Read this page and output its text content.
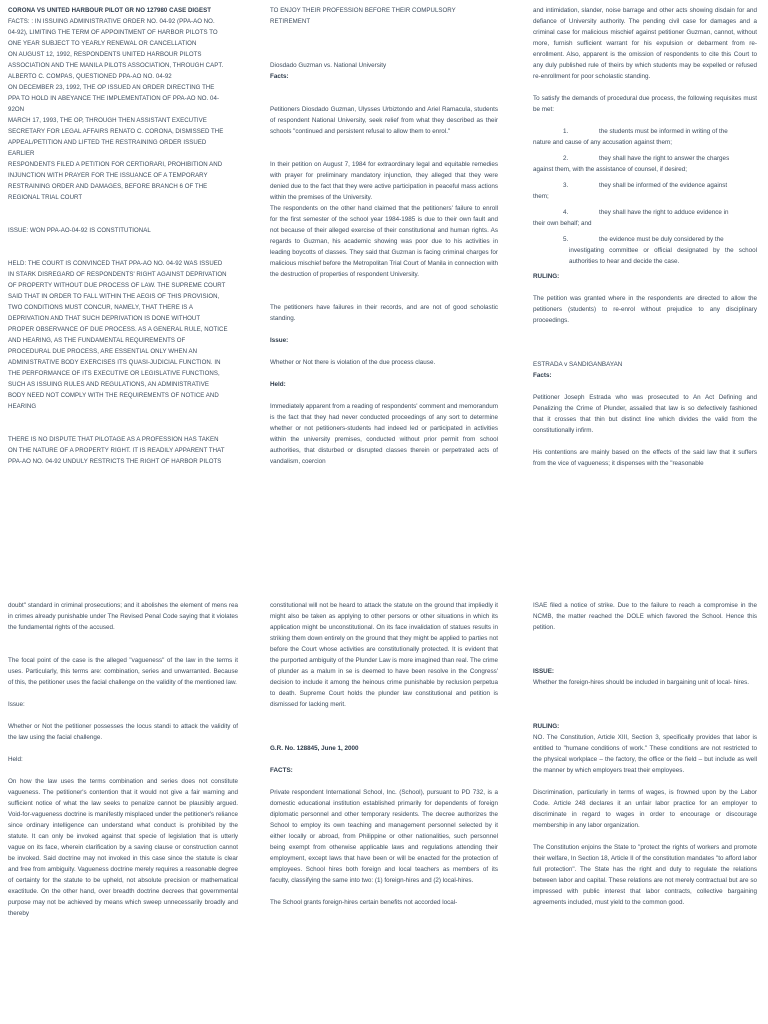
CORONA VS UNITED HARBOUR PILOT GR NO 127980 CASE DIGEST

FACTS: : IN ISSUING ADMINISTRATIVE ORDER NO. 04-92 (PPA-AO NO.

04-92), LIMITING THE TERM OF APPOINTMENT OF HARBOR PILOTS TO

ONE YEAR SUBJECT TO YEARLY RENEWAL OR CANCELLATION

ON AUGUST 12, 1992, RESPONDENTS UNITED HARBOUR PILOTS

ASSOCIATION AND THE MANILA PILOTS ASSOCIATION, THROUGH CAPT.

ALBERTO C. COMPAS, QUESTIONED PPA-AO NO. 04-92

ON DECEMBER 23, 1992, THE OP ISSUED AN ORDER DIRECTING THE

PPA TO HOLD IN ABEYANCE THE IMPLEMENTATION OF PPA-AO NO. 04-

92ON

MARCH 17, 1993, THE OP, THROUGH THEN ASSISTANT EXECUTIVE

SECRETARY FOR LEGAL AFFAIRS RENATO C. CORONA, DISMISSED THE

APPEAL/PETITION AND LIFTED THE RESTRAINING ORDER ISSUED

EARLIER

RESPONDENTS FILED A PETITION FOR CERTIORARI, PROHIBITION AND

INJUNCTION WITH PRAYER FOR THE ISSUANCE OF A TEMPORARY

RESTRAINING ORDER AND DAMAGES, BEFORE BRANCH 6 OF THE

REGIONAL TRIAL COURT

ISSUE: WON PPA-AO-04-92 IS CONSTITUTIONAL

HELD: THE COURT IS CONVINCED THAT PPA-AO NO. 04-92 WAS ISSUED

IN STARK DISREGARD OF RESPONDENTS' RIGHT AGAINST DEPRIVATION

OF PROPERTY WITHOUT DUE PROCESS OF LAW. THE SUPREME COURT

SAID THAT IN ORDER TO FALL WITHIN THE AEGIS OF THIS PROVISION,

TWO CONDITIONS MUST CONCUR, NAMELY, THAT THERE IS A

DEPRIVATION AND THAT SUCH DEPRIVATION IS DONE WITHOUT

PROPER OBSERVANCE OF DUE PROCESS. AS A GENERAL RULE, NOTICE

AND HEARING, AS THE FUNDAMENTAL REQUIREMENTS OF

PROCEDURAL DUE PROCESS, ARE ESSENTIAL ONLY WHEN AN

ADMINISTRATIVE BODY EXERCISES ITS QUASI-JUDICIAL FUNCTION. IN

THE PERFORMANCE OF ITS EXECUTIVE OR LEGISLATIVE FUNCTIONS,

SUCH AS ISSUING RULES AND REGULATIONS, AN ADMINISTRATIVE

BODY NEED NOT COMPLY WITH THE REQUIREMENTS OF NOTICE AND

HEARING

THERE IS NO DISPUTE THAT PILOTAGE AS A PROFESSION HAS TAKEN

ON THE NATURE OF A PROPERTY RIGHT. IT IS READILY APPARENT THAT

PPA-AO NO. 04-92 UNDULY RESTRICTS THE RIGHT OF HARBOR PILOTS

doubt" standard in criminal prosecutions; and it abolishes the element of mens rea in crimes already punishable under The Revised Penal Code saying that it violates the fundamental rights of the accused.

The focal point of the case is the alleged "vagueness" of the law in the terms it uses. Particularly, this terms are: combination, series and unwarranted. Because of this, the petitioner uses the facial challenge on the validity of the mentioned law.

Issue:

Whether or Not the petitioner possesses the locus standi to attack the validity of the law using the facial challenge.

Held:

On how the law uses the terms combination and series does not constitute vagueness. The petitioner's contention that it would not give a fair warning and sufficient notice of what the law seeks to penalize cannot be plausibly argued. Void-for-vagueness doctrine is manifestly misplaced under the petitioner's reliance since ordinary intelligence can understand what conduct is prohibited by the statute. It can only be invoked against that specie of legislation that is utterly vague on its face, wherein clarification by a saving clause or construction cannot be invoked. Said doctrine may not invoked in this case since the statute is clear and free from ambiguity. Vagueness doctrine merely requires a reasonable degree of certainty for the statute to be upheld, not absolute precision or mathematical exactitude. On the other hand, over breadth doctrine decrees that governmental purpose may not be achieved by means which sweep unnecessarily broadly and thereby

TO ENJOY THEIR PROFESSION BEFORE THEIR COMPULSORY

RETIREMENT

Diosdado Guzman vs. National University

Facts:

Petitioners Diosdado Guzman, Ulysses Urbiztondo and Ariel Ramacula, students of respondent National University, seek relief from what they described as their schools "continued and persistent refusal to allow them to enrol."

In their petition on August 7, 1984 for extraordinary legal and equitable remedies with prayer for preliminary mandatory injunction, they alleged that they were denied due to the fact that they were active participation in peaceful mass actions within the premises of the University.

The respondents on the other hand claimed that the petitioners' failure to enroll for the first semester of the school year 1984-1985 is due to their own fault and not because of their alleged exercise of their constitutional and human rights. As regards to Guzman, his academic showing was poor due to his activities in leading boycotts of classes. They said that Guzman is facing criminal charges for malicious mischief before the Metropolitan Trial Court of Manila in connection with the destruction of properties of respondent University.

The petitioners have failures in their records, and are not of good scholastic standing.

Issue:

Whether or Not there is violation of the due process clause.

Held:

Immediately apparent from a reading of respondents' comment and memorandum is the fact that they had never conducted proceedings of any sort to determine whether or not petitioners-students had indeed led or participated in activities within the university premises, conducted without prior permit from school authorities, that disturbed or disrupted classes therein or perpetrated acts of vandalism, coercion

constitutional will not be heard to attack the statute on the ground that impliedly it might also be taken as applying to other persons or other situations in which its application might be unconstitutional. On its face invalidation of statues results in striking them down entirely on the ground that they might be applied to parties not before the Court whose activities are constitutionally protected. It is evident that the purported ambiguity of the Plunder Law is more imagined than real. The crime of plunder as a malum in se is deemed to have been resolve in the Congress' decision to include it among the heinous crime punishable by reclusion perpetua to death. Supreme Court holds the plunder law constitutional and petition is dismissed for lacking merit.

G.R. No. 128845, June 1, 2000

FACTS:

Private respondent International School, Inc. (School), pursuant to PD 732, is a domestic educational institution established primarily for dependents of foreign diplomatic personnel and other temporary residents. The decree authorizes the School to employ its own teaching and management personnel selected by it either locally or abroad, from Philippine or other nationalities, such personnel being exempt from otherwise applicable laws and regulations attending their employment, except laws that have been or will be enacted for the protection of employees. School hires both foreign and local teachers as members of its faculty, classifying the same into two: (1) foreign-hires and (2) local-hires.

The School grants foreign-hires certain benefits not accorded local-

and intimidation, slander, noise barrage and other acts showing disdain for and defiance of University authority. The pending civil case for damages and a criminal case for malicious mischief against petitioner Guzman, cannot, without more, furnish sufficient warrant for his expulsion or debarment from re-enrollment. Also, apparent is the omission of respondents to cite this Court to any duly published rule of theirs by which students may be expelled or refused re-enrollment for poor scholastic standing.

To satisfy the demands of procedural due process, the following requisites must be met:

1.	the students must be informed in writing of the

nature and cause of any accusation against them;

2.	they shall have the right to answer the charges

against them, with the assistance of counsel, if desired;

3.	they shall be informed of the evidence against

them;

4.	they shall have the right to adduce evidence in

their own behalf; and

5.	the evidence must be duly considered by the

investigating committee or official designated by the school authorities to hear and decide the case.

RULING:

The petition was granted where in the respondents are directed to allow the petitioners (students) to re-enrol without prejudice to any disciplinary proceedings.

ESTRADA v SANDIGANBAYAN

Facts:

Petitioner Joseph Estrada who was prosecuted to An Act Defining and Penalizing the Crime of Plunder, assailed that law is so defectively fashioned that it crosses that thin but distinct line which divides the valid from the constitutionally infirm.

His contentions are mainly based on the effects of the said law that it suffers from the vice of vagueness; it dispenses with the "reasonable

ISAE filed a notice of strike. Due to the failure to reach a compromise in the NCMB, the matter reached the DOLE which favored the School. Hence this petition.

ISSUE:

Whether the foreign-hires should be included in bargaining unit of local- hires.

RULING:

NO. The Constitution, Article XIII, Section 3, specifically provides that labor is entitled to "humane conditions of work." These conditions are not restricted to the physical workplace – the factory, the office or the field – but include as well the manner by which employers treat their employees.

Discrimination, particularly in terms of wages, is frowned upon by the Labor Code. Article 248 declares it an unfair labor practice for an employer to discriminate in regard to wages in order to encourage or discourage membership in any labor organization.

The Constitution enjoins the State to "protect the rights of workers and promote their welfare, In Section 18, Article II of the constitution mandates "to afford labor full protection". The State has the right and duty to regulate the relations between labor and capital. These relations are not merely contractual but are so impressed with public interest that labor contracts, collective bargaining agreements included, must yield to the common good.
